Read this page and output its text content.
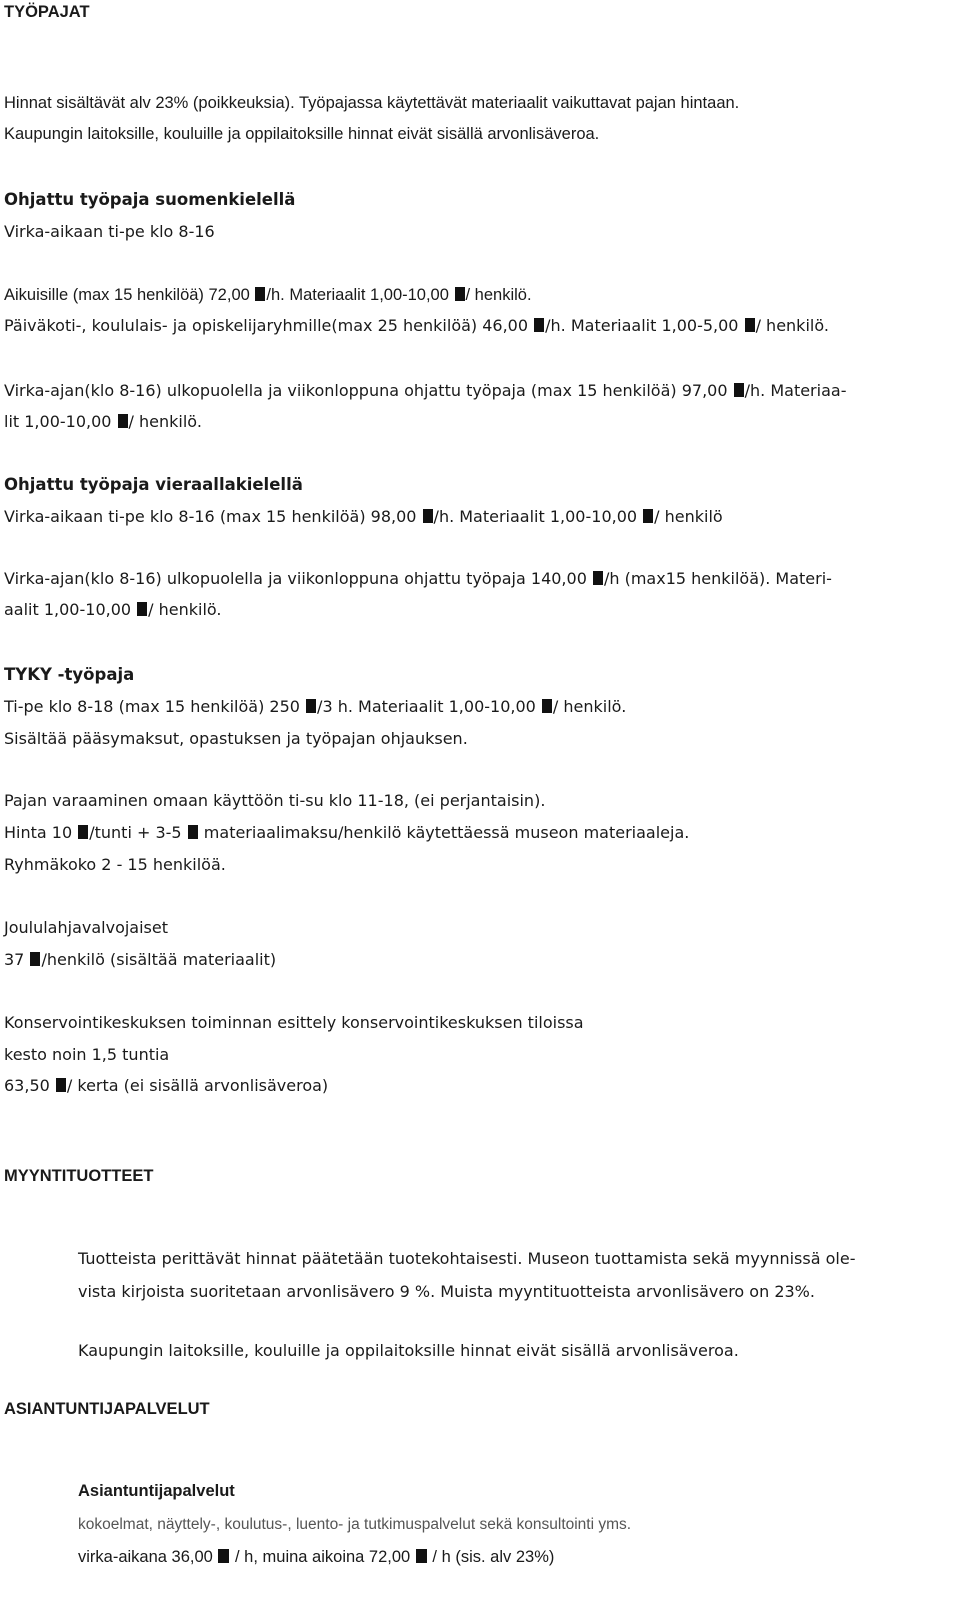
TYÖPAJAT
Hinnat sisältävät alv 23% (poikkeuksia). Työpajassa käytettävät materiaalit vaikuttavat pajan hintaan.
Kaupungin laitoksille, kouluille ja oppilaitoksille hinnat eivät sisällä arvonlisäveroa.
Ohjattu työpaja suomenkielellä
Virka-aikaan ti-pe klo 8-16
Aikuisille (max 15 henkilöä) 72,00 /h. Materiaalit 1,00-10,00 / henkilö.
Päiväkoti-, koululais- ja opiskelijaryhmille(max 25 henkilöä) 46,00 /h. Materiaalit 1,00-5,00 / henkilö.
Virka-ajan(klo 8-16) ulkopuolella ja viikonloppuna ohjattu työpaja (max 15 henkilöä) 97,00 /h. Materiaa-
lit 1,00-10,00 / henkilö.
Ohjattu työpaja vieraallakielellä
Virka-aikaan ti-pe klo 8-16 (max 15 henkilöä) 98,00 /h. Materiaalit 1,00-10,00 / henkilö
Virka-ajan(klo 8-16) ulkopuolella ja viikonloppuna ohjattu työpaja 140,00 /h (max15 henkilöä). Materi-
aalit 1,00-10,00 / henkilö.
TYKY -työpaja
Ti-pe klo 8-18 (max 15 henkilöä) 250 /3 h. Materiaalit 1,00-10,00 / henkilö.
Sisältää pääsymaksut, opastuksen ja työpajan ohjauksen.
Pajan varaaminen omaan käyttöön ti-su klo 11-18, (ei perjantaisin).
Hinta 10 /tunti + 3-5 materiaalimaksu/henkilö käytettäessä museon materiaaleja.
Ryhmäkoko 2 - 15 henkilöä.
Joululahjavalvojaiset
37 /henkilö (sisältää materiaalit)
Konservointikeskuksen toiminnan esittely konservointikeskuksen tiloissa
kesto noin 1,5 tuntia
63,50 / kerta (ei sisällä arvonlisäveroa)
MYYNTITUOTTEET
Tuotteista perittävät hinnat päätetään tuotekohtaisesti. Museon tuottamista sekä myynnissä ole-
vista kirjoista suoritetaan arvonlisävero 9 %. Muista myyntituotteista arvonlisävero on 23%.
Kaupungin laitoksille, kouluille ja oppilaitoksille hinnat eivät sisällä arvonlisäveroa.
ASIANTUNTIJAPALVELUT
Asiantuntijapalvelut
kokoelmat, näyttely-, koulutus-, luento- ja tutkimuspalvelut sekä konsultointi yms.
virka-aikana 36,00 / h, muina aikoina 72,00 / h (sis. alv 23%)
